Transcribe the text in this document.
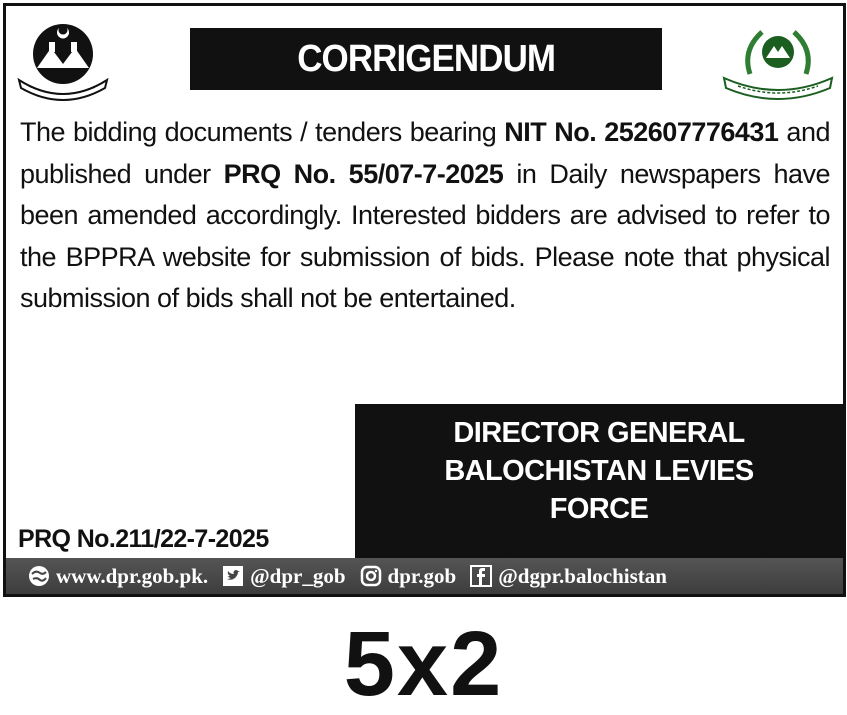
CORRIGENDUM
The bidding documents / tenders bearing NIT No. 252607776431 and published under PRQ No. 55/07-7-2025 in Daily newspapers have been amended accordingly. Interested bidders are advised to refer to the BPPRA website for submission of bids. Please note that physical submission of bids shall not be entertained.
DIRECTOR GENERAL
BALOCHISTAN LEVIES
FORCE
PRQ No.211/22-7-2025
www.dpr.gob.pk. @dpr_gob dpr.gob @dgpr.balochistan
5x2
